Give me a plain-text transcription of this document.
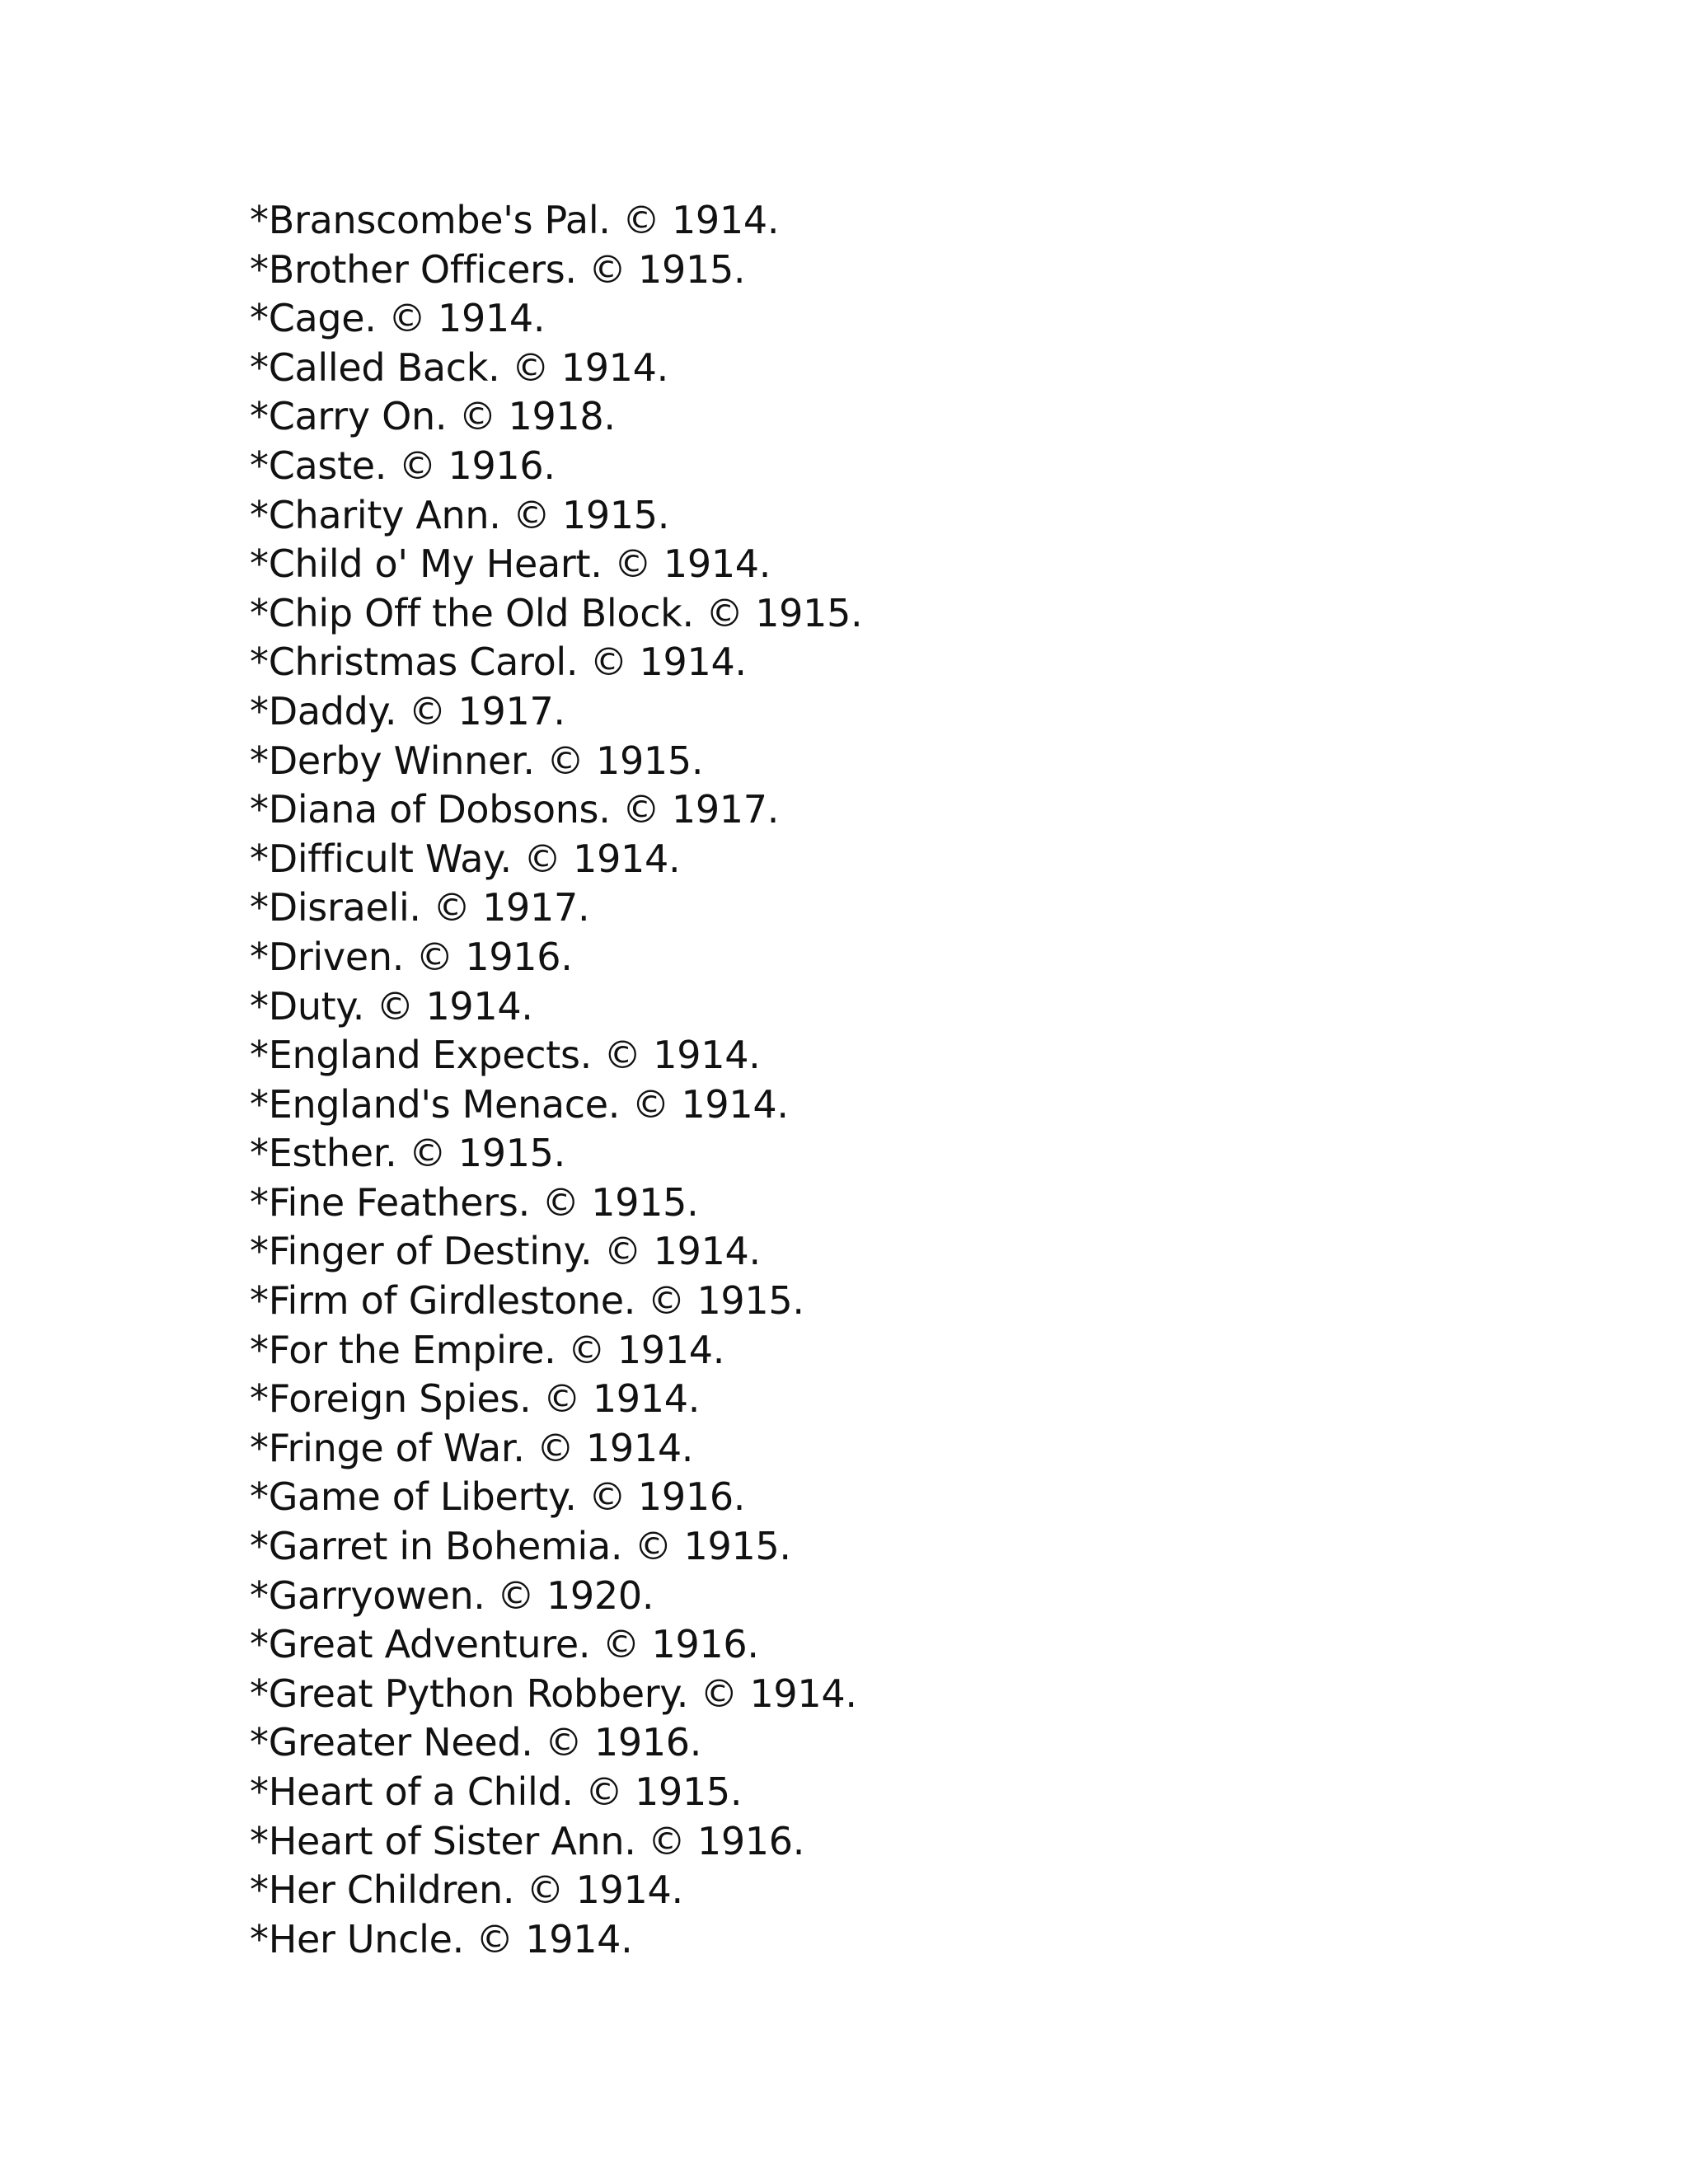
*Branscombe's Pal. © 1914.
*Brother Officers. © 1915.
*Cage. © 1914.
*Called Back. © 1914.
*Carry On. © 1918.
*Caste. © 1916.
*Charity Ann. © 1915.
*Child o' My Heart. © 1914.
*Chip Off the Old Block. © 1915.
*Christmas Carol. © 1914.
*Daddy. © 1917.
*Derby Winner. © 1915.
*Diana of Dobsons. © 1917.
*Difficult Way. © 1914.
*Disraeli. © 1917.
*Driven. © 1916.
*Duty. © 1914.
*England Expects. © 1914.
*England's Menace. © 1914.
*Esther. © 1915.
*Fine Feathers. © 1915.
*Finger of Destiny. © 1914.
*Firm of Girdlestone. © 1915.
*For the Empire. © 1914.
*Foreign Spies. © 1914.
*Fringe of War. © 1914.
*Game of Liberty. © 1916.
*Garret in Bohemia. © 1915.
*Garryowen. © 1920.
*Great Adventure. © 1916.
*Great Python Robbery. © 1914.
*Greater Need. © 1916.
*Heart of a Child. © 1915.
*Heart of Sister Ann. © 1916.
*Her Children. © 1914.
*Her Uncle. © 1914.
